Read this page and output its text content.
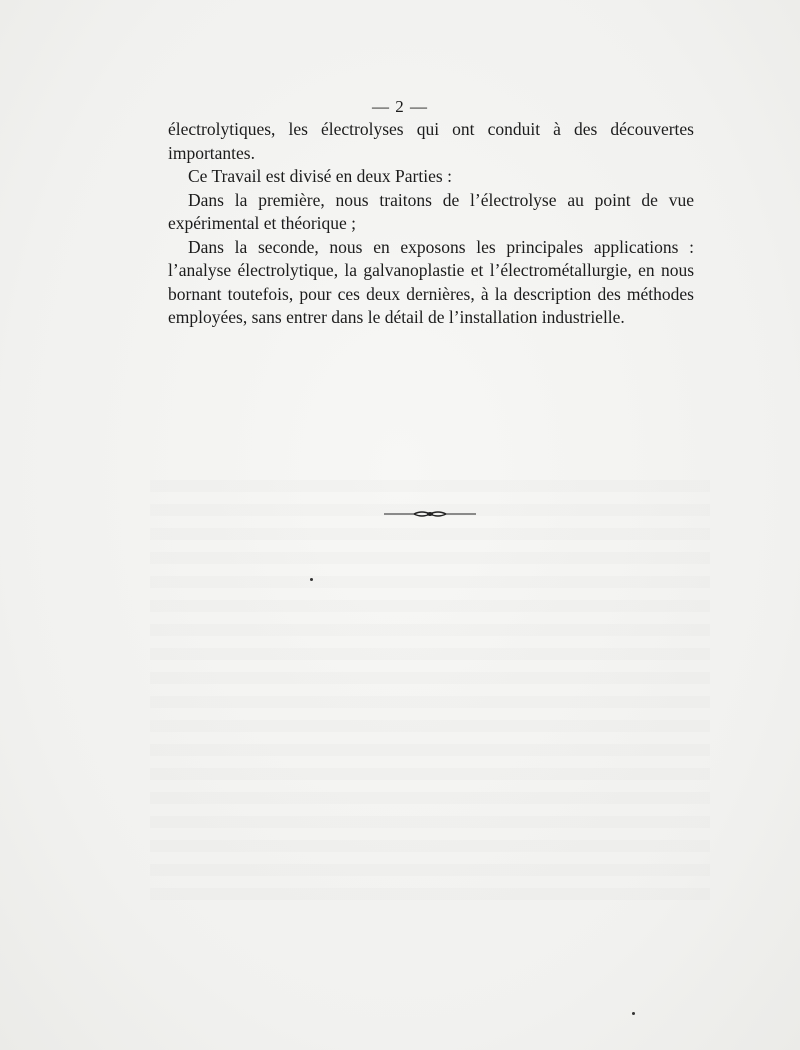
— 2 —

électrolytiques, les électrolyses qui ont conduit à des découvertes importantes.

Ce Travail est divisé en deux Parties :

Dans la première, nous traitons de l’électrolyse au point de vue expérimental et théorique ;

Dans la seconde, nous en exposons les principales applications : l’analyse électrolytique, la galvanoplastie et l’électrométallurgie, en nous bornant toutefois, pour ces deux dernières, à la description des méthodes employées, sans entrer dans le détail de l’installation industrielle.
